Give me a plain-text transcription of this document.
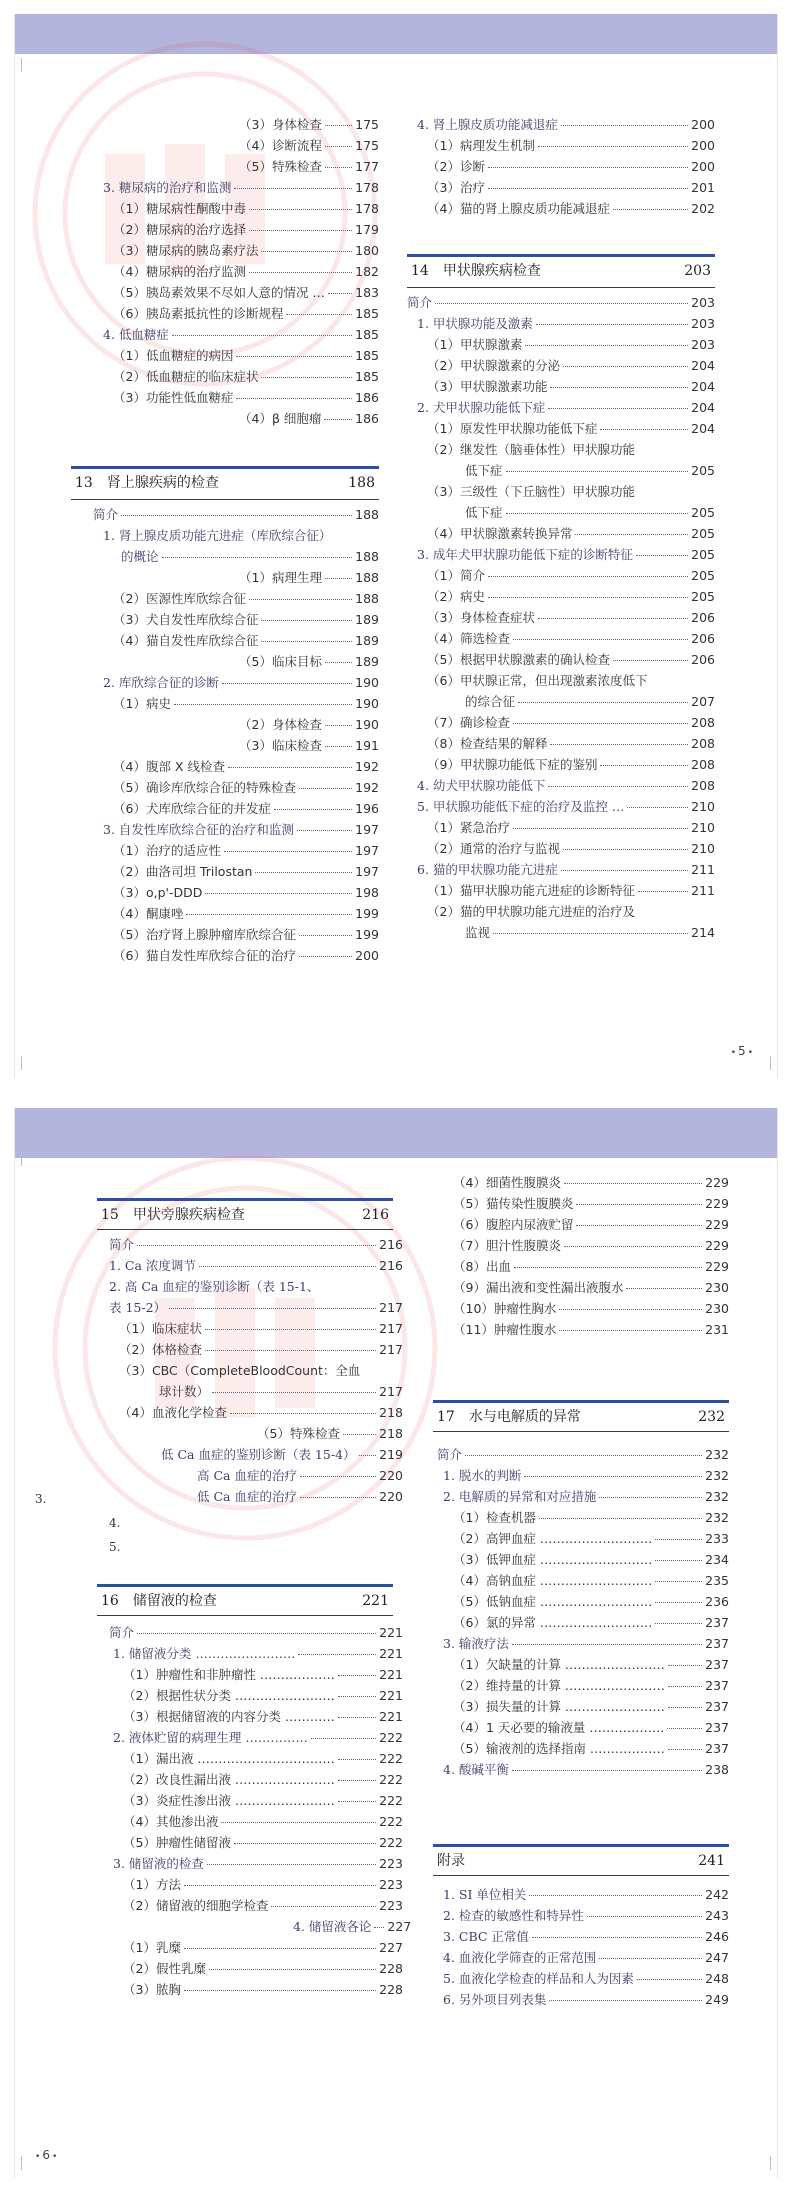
（3）身体检查	175
（4）诊断流程	175
（5）特殊检查	177
3. 糖尿病的治疗和监测	178
（1）糖尿病性酮酸中毒	178
（2）糖尿病的治疗选择	179
（3）糖尿病的胰岛素疗法	180
（4）糖尿病的治疗监测	182
（5）胰岛素效果不尽如人意的情况 … 183
（6）胰岛素抵抗性的诊断规程	185
4. 低血糖症	185
（1）低血糖症的病因	185
（2）低血糖症的临床症状	185
（3）功能性低血糖症	186
（4）β 细胞瘤	186
13　肾上腺疾病的检查	188
简介	188
1. 肾上腺皮质功能亢进症（库欣综合征）
的概论	188
（1）病理生理	188
（2）医源性库欣综合征	188
（3）犬自发性库欣综合征	189
（4）猫自发性库欣综合征	189
（5）临床目标	189
2. 库欣综合征的诊断	190
（1）病史	190
（2）身体检查	190
（3）临床检查	191
（4）腹部 X 线检查	192
（5）确诊库欣综合征的特殊检查	192
（6）犬库欣综合征的并发症	196
3. 自发性库欣综合征的治疗和监测	197
（1）治疗的适应性	197
（2）曲洛司坦 Trilostan	197
（3）o,p'-DDD	198
（4）酮康唑	199
（5）治疗肾上腺肿瘤库欣综合征	199
（6）猫自发性库欣综合征的治疗	200
4. 肾上腺皮质功能减退症	200
（1）病理发生机制	200
（2）诊断	200
（3）治疗	201
（4）猫的肾上腺皮质功能减退症	202
14　甲状腺疾病检查	203
简介	203
1. 甲状腺功能及激素	203
（1）甲状腺激素	203
（2）甲状腺激素的分泌	204
（3）甲状腺激素功能	204
2. 犬甲状腺功能低下症	204
（1）原发性甲状腺功能低下症	204
（2）继发性（脑垂体性）甲状腺功能
低下症	205
（3）三级性（下丘脑性）甲状腺功能
低下症	205
（4）甲状腺激素转换异常	205
3. 成年犬甲状腺功能低下症的诊断特征	205
（1）简介	205
（2）病史	205
（3）身体检查症状	206
（4）筛选检查	206
（5）根据甲状腺激素的确认检查	206
（6）甲状腺正常，但出现激素浓度低下
的综合征	207
（7）确诊检查	208
（8）检查结果的解释	208
（9）甲状腺功能低下症的鉴别	208
4. 幼犬甲状腺功能低下	208
5. 甲状腺功能低下症的治疗及监控 …	210
（1）紧急治疗	210
（2）通常的治疗与监视	210
6. 猫的甲状腺功能亢进症	211
（1）猫甲状腺功能亢进症的诊断特征	211
（2）猫的甲状腺功能亢进症的治疗及
监视	214
• 5 •
15　甲状旁腺疾病检查	216
简介	216
1. Ca 浓度调节	216
2. 高 Ca 血症的鉴别诊断（表 15-1、
表 15-2）	217
（1）临床症状	217
（2）体格检查	217
（3）CBC（CompleteBloodCount：全血
球计数）	217
（4）血液化学检查	218
（5）特殊检查	218
低 Ca 血症的鉴别诊断（表 15-4） 219
高 Ca 血症的治疗	220
低 Ca 血症的治疗	220
3.
4.
5.
16　储留液的检查	221
简介	221
1. 储留液分类 ……………………	221
（1）肿瘤性和非肿瘤性 ………………	221
（2）根据性状分类 ……………………	221
（3）根据储留液的内容分类 …………	221
2. 液体贮留的病理生理 ……………	222
（1）漏出液 ……………………………	222
（2）改良性漏出液 ……………………	222
（3）炎症性渗出液 ……………………	222
（4）其他渗出液	222
（5）肿瘤性储留液	222
3. 储留液的检查	223
（1）方法	223
（2）储留液的细胞学检查	223
4. 储留液各论 227
（1）乳糜	227
（2）假性乳糜	228
（3）脓胸	228
（4）细菌性腹膜炎	229
（5）猫传染性腹膜炎	229
（6）腹腔内尿液贮留	229
（7）胆汁性腹膜炎	229
（8）出血	229
（9）漏出液和变性漏出液腹水	230
（10）肿瘤性胸水	230
（11）肿瘤性腹水	231
17　水与电解质的异常	232
简介	232
1. 脱水的判断	232
2. 电解质的异常和对应措施	232
（1）检查机器	232
（2）高钾血症 ………………………	233
（3）低钾血症 ………………………	234
（4）高钠血症 ………………………	235
（5）低钠血症 ………………………	236
（6）氯的异常 ………………………	237
3. 输液疗法	237
（1）欠缺量的计算 ……………………	237
（2）维持量的计算 ……………………	237
（3）损失量的计算 ……………………	237
（4）1 天必要的输液量 ………………	237
（5）输液剂的选择指南 ………………	237
4. 酸碱平衡	238
附录	241
1. SI 单位相关	242
2. 检查的敏感性和特异性	243
3. CBC 正常值	246
4. 血液化学筛查的正常范围	247
5. 血液化学检查的样品和人为因素	248
6. 另外项目列表集	249
• 6 •
